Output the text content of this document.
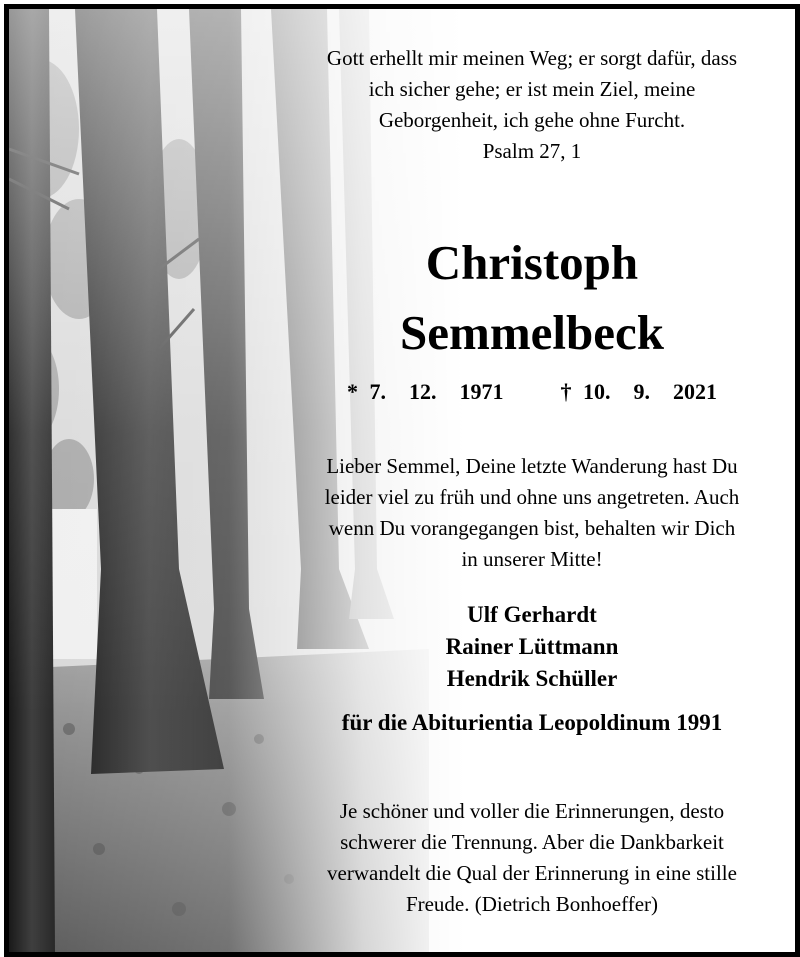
Gott erhellt mir meinen Weg; er sorgt dafür, dass
ich sicher gehe; er ist mein Ziel, meine
Geborgenheit, ich gehe ohne Furcht.
Psalm 27, 1
Christoph
Semmelbeck
* 7.  12.  1971	† 10.  9.  2021
Lieber Semmel, Deine letzte Wanderung hast Du
leider viel zu früh und ohne uns angetreten. Auch
wenn Du vorangegangen bist, behalten wir Dich
in unserer Mitte!
Ulf Gerhardt
Rainer Lüttmann
Hendrik Schüller
für die Abiturientia Leopoldinum 1991
Je schöner und voller die Erinnerungen, desto
schwerer die Trennung. Aber die Dankbarkeit
verwandelt die Qual der Erinnerung in eine stille
Freude. (Dietrich Bonhoeffer)
